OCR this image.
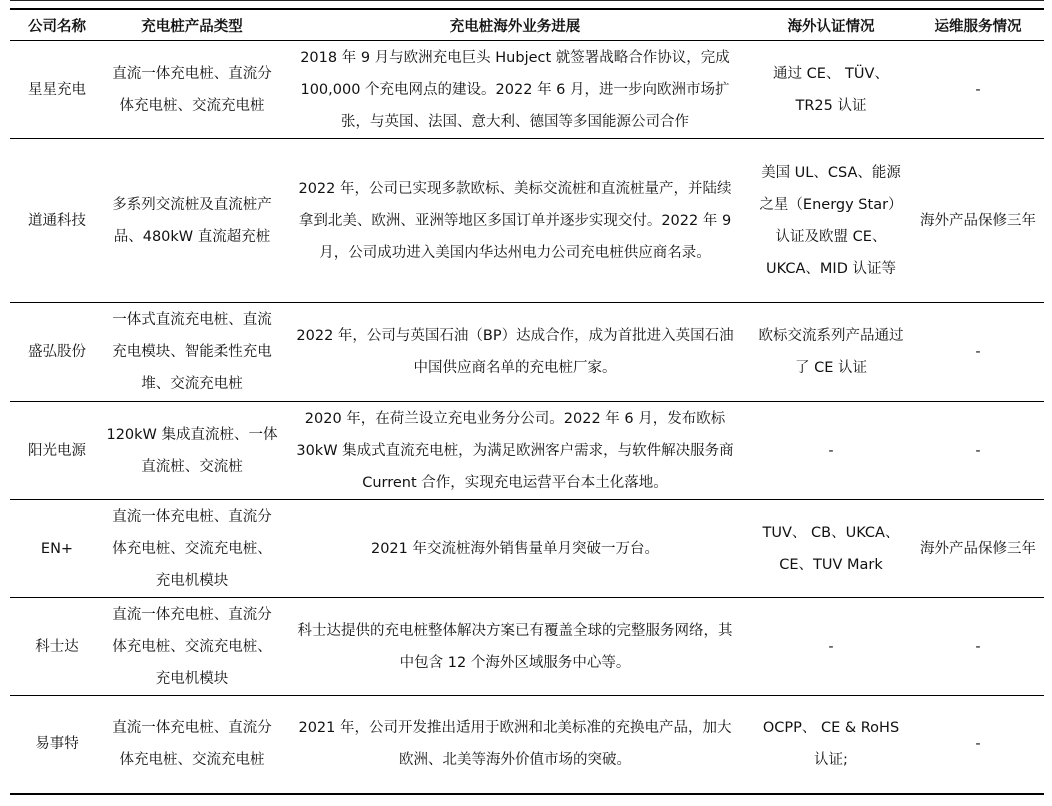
公司名称	充电桩产品类型	充电桩海外业务进展	海外认证情况	运维服务情况
星星充电	直流一体充电桩、直流分体充电桩、交流充电桩	2018 年 9 月与欧洲充电巨头 Hubject 就签署战略合作协议，完成 100,000 个充电网点的建设。2022 年 6 月，进一步向欧洲市场扩张，与英国、法国、意大利、德国等多国能源公司合作	通过 CE、 TÜV、TR25 认证	-
道通科技	多系列交流桩及直流桩产品、480kW 直流超充桩	2022 年，公司已实现多款欧标、美标交流桩和直流桩量产，并陆续拿到北美、欧洲、亚洲等地区多国订单并逐步实现交付。2022 年 9 月，公司成功进入美国内华达州电力公司充电桩供应商名录。	美国 UL、CSA、能源之星（Energy Star）认证及欧盟 CE、UKCA、MID 认证等	海外产品保修三年
盛弘股份	一体式直流充电桩、直流充电模块、智能柔性充电堆、交流充电桩	2022 年，公司与英国石油（BP）达成合作，成为首批进入英国石油中国供应商名单的充电桩厂家。	欧标交流系列产品通过了 CE 认证	-
阳光电源	120kW 集成直流桩、一体直流桩、交流桩	2020 年，在荷兰设立充电业务分公司。2022 年 6 月，发布欧标 30kW 集成式直流充电桩，为满足欧洲客户需求，与软件解决服务商 Current 合作，实现充电运营平台本土化落地。	-	-
EN+	直流一体充电桩、直流分体充电桩、交流充电桩、充电机模块	2021 年交流桩海外销售量单月突破一万台。	TUV、 CB、UKCA、CE、TUV Mark	海外产品保修三年
科士达	直流一体充电桩、直流分体充电桩、交流充电桩、充电机模块	科士达提供的充电桩整体解决方案已有覆盖全球的完整服务网络，其中包含 12 个海外区域服务中心等。	-	-
易事特	直流一体充电桩、直流分体充电桩、交流充电桩	2021 年，公司开发推出适用于欧洲和北美标准的充换电产品，加大欧洲、北美等海外价值市场的突破。	OCPP、 CE & RoHS 认证;	-
